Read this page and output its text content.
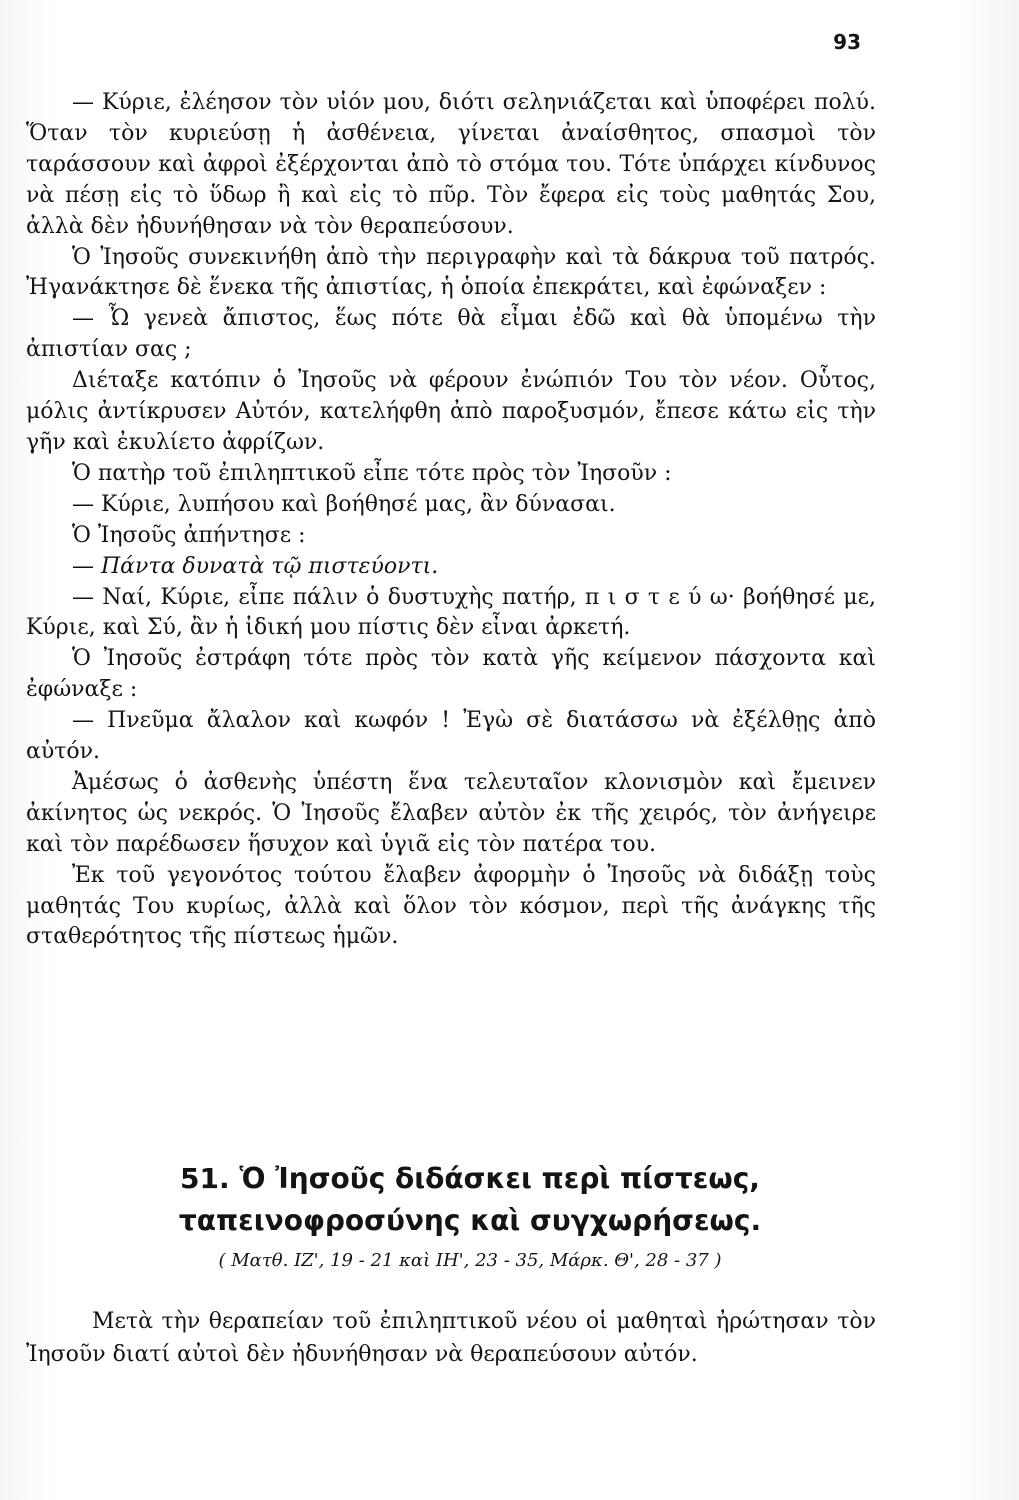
93

— Κύριε, ἐλέησον τὸν υἱόν μου, διότι σεληνιάζεται καὶ ὑποφέρει πολύ. Ὅταν τὸν κυριεύσῃ ἡ ἀσθένεια, γίνεται ἀναίσθητος, σπασμοὶ τὸν ταράσσουν καὶ ἀφροὶ ἐξέρχονται ἀπὸ τὸ στόμα του. Τότε ὑπάρχει κίνδυνος νὰ πέσῃ εἰς τὸ ὕδωρ ἢ καὶ εἰς τὸ πῦρ. Τὸν ἔφερα εἰς τοὺς μαθητάς Σου, ἀλλὰ δὲν ἠδυνήθησαν νὰ τὸν θεραπεύσουν.

Ὁ Ἰησοῦς συνεκινήθη ἀπὸ τὴν περιγραφὴν καὶ τὰ δάκρυα τοῦ πατρός. Ἠγανάκτησε δὲ ἕνεκα τῆς ἀπιστίας, ἡ ὁποία ἐπεκράτει, καὶ ἐφώναξεν :

— Ὦ γενεὰ ἄπιστος, ἕως πότε θὰ εἶμαι ἐδῶ καὶ θὰ ὑπομένω τὴν ἀπιστίαν σας ;

Διέταξε κατόπιν ὁ Ἰησοῦς νὰ φέρουν ἐνώπιόν Του τὸν νέον. Οὗτος, μόλις ἀντίκρυσεν Αὐτόν, κατελήφθη ἀπὸ παροξυσμόν, ἔπεσε κάτω εἰς τὴν γῆν καὶ ἐκυλίετο ἀφρίζων.

Ὁ πατὴρ τοῦ ἐπιληπτικοῦ εἶπε τότε πρὸς τὸν Ἰησοῦν :

— Κύριε, λυπήσου καὶ βοήθησέ μας, ἂν δύνασαι.

Ὁ Ἰησοῦς ἀπήντησε :

— Πάντα δυνατὰ τῷ πιστεύοντι.

— Ναί, Κύριε, εἶπε πάλιν ὁ δυστυχὴς πατήρ, π ι σ τ ε ύ ω· βοήθησέ με, Κύριε, καὶ Σύ, ἂν ἡ ἰδική μου πίστις δὲν εἶναι ἀρκετή.

Ὁ Ἰησοῦς ἐστράφη τότε πρὸς τὸν κατὰ γῆς κείμενον πάσχοντα καὶ ἐφώναξε :

— Πνεῦμα ἄλαλον καὶ κωφόν ! Ἐγὼ σὲ διατάσσω νὰ ἐξέλθῃς ἀπὸ αὐτόν.

Ἀμέσως ὁ ἀσθενὴς ὑπέστη ἕνα τελευταῖον κλονισμὸν καὶ ἔμεινεν ἀκίνητος ὡς νεκρός. Ὁ Ἰησοῦς ἔλαβεν αὐτὸν ἐκ τῆς χειρός, τὸν ἀνήγειρε καὶ τὸν παρέδωσεν ἥσυχον καὶ ὑγιᾶ εἰς τὸν πατέρα του.

Ἐκ τοῦ γεγονότος τούτου ἔλαβεν ἀφορμὴν ὁ Ἰησοῦς νὰ διδάξῃ τοὺς μαθητάς Του κυρίως, ἀλλὰ καὶ ὅλον τὸν κόσμον, περὶ τῆς ἀνάγκης τῆς σταθερότητος τῆς πίστεως ἡμῶν.

51. Ὁ Ἰησοῦς διδάσκει περὶ πίστεως,
ταπεινοφροσύνης καὶ συγχωρήσεως.
( Ματθ. ΙΖ', 19 - 21 καὶ ΙΗ', 23 - 35, Μάρκ. Θ', 28 - 37 )

Μετὰ τὴν θεραπείαν τοῦ ἐπιληπτικοῦ νέου οἱ μαθηταὶ ἠρώτησαν τὸν Ἰησοῦν διατί αὐτοὶ δὲν ἠδυνήθησαν νὰ θεραπεύσουν αὐτόν.
